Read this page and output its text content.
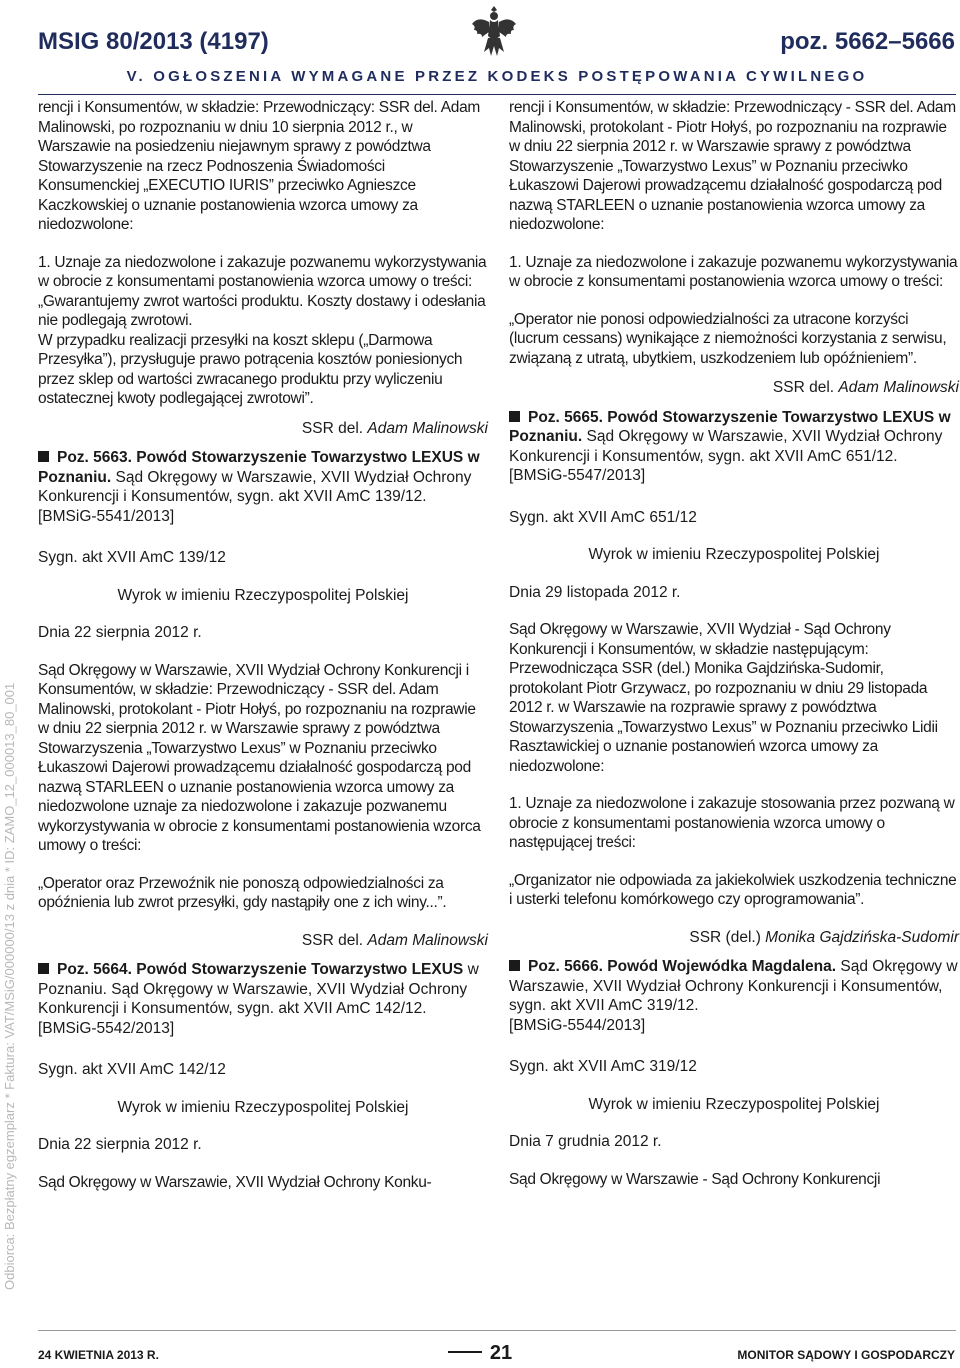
MSIG 80/2013 (4197)	poz. 5662–5666
V. OGŁOSZENIA WYMAGANE PRZEZ KODEKS POSTĘPOWANIA CYWILNEGO
Odbiorca: Bezpłatny egzemplarz * Faktura: VAT/MSiG/000000/13 z dnia * ID: ZAMO_12_000013_80_001

rencji i Konsumentów, w składzie: Przewodniczący: SSR del. Adam Malinowski, po rozpoznaniu w dniu 10 sierpnia 2012 r., w Warszawie na posiedzeniu niejawnym sprawy z powództwa Stowarzyszenie na rzecz Podnoszenia Świadomości Konsumenckiej „EXECUTIO IURIS” przeciwko Agnieszce Kaczkowskiej o uznanie postanowienia wzorca umowy za niedozwolone:

1. Uznaje za niedozwolone i zakazuje pozwanemu wykorzystywania w obrocie z konsumentami postanowienia wzorca umowy o treści:

„Gwarantujemy zwrot wartości produktu. Koszty dostawy i odesłania nie podlegają zwrotowi.

W przypadku realizacji przesyłki na koszt sklepu („Darmowa Przesyłka”), przysługuje prawo potrącenia kosztów poniesionych przez sklep od wartości zwracanego produktu przy wyliczeniu ostatecznej kwoty podlegającej zwrotowi”.

SSR del. Adam Malinowski

Poz. 5663. Powód Stowarzyszenie Towarzystwo LEXUS w Poznaniu. Sąd Okręgowy w Warszawie, XVII Wydział Ochrony Konkurencji i Konsumentów, sygn. akt XVII AmC 139/12.

[BMSiG-5541/2013]

Sygn. akt XVII AmC 139/12

Wyrok w imieniu Rzeczypospolitej Polskiej

Dnia 22 sierpnia 2012 r.

Sąd Okręgowy w Warszawie, XVII Wydział Ochrony Konkurencji i Konsumentów, w składzie: Przewodniczący - SSR del. Adam Malinowski, protokolant - Piotr Hołyś, po rozpoznaniu na rozprawie w dniu 22 sierpnia 2012 r. w Warszawie sprawy z powództwa Stowarzyszenia „Towarzystwo Lexus” w Poznaniu przeciwko Łukaszowi Dajerowi prowadzącemu działalność gospodarczą pod nazwą STARLEEN o uznanie postanowienia wzorca umowy za niedozwolone uznaje za niedozwolone i zakazuje pozwanemu wykorzystywania w obrocie z konsumentami postanowienia wzorca umowy o treści:

„Operator oraz Przewoźnik nie ponoszą odpowiedzialności za opóźnienia lub zwrot przesyłki, gdy nastąpiły one z ich winy...”.

SSR del. Adam Malinowski

Poz. 5664. Powód Stowarzyszenie Towarzystwo LEXUS w Poznaniu. Sąd Okręgowy w Warszawie, XVII Wydział Ochrony Konkurencji i Konsumentów, sygn. akt XVII AmC 142/12.

[BMSiG-5542/2013]

Sygn. akt XVII AmC 142/12

Wyrok w imieniu Rzeczypospolitej Polskiej

Dnia 22 sierpnia 2012 r.

Sąd Okręgowy w Warszawie, XVII Wydział Ochrony Konku-

rencji i Konsumentów, w składzie: Przewodniczący - SSR del. Adam Malinowski, protokolant - Piotr Hołyś, po rozpoznaniu na rozprawie w dniu 22 sierpnia 2012 r. w Warszawie sprawy z powództwa Stowarzyszenie „Towarzystwo Lexus” w Poznaniu przeciwko Łukaszowi Dajerowi prowadzącemu działalność gospodarczą pod nazwą STARLEEN o uznanie postanowienia wzorca umowy za niedozwolone:

1. Uznaje za niedozwolone i zakazuje pozwanemu wykorzystywania w obrocie z konsumentami postanowienia wzorca umowy o treści:

„Operator nie ponosi odpowiedzialności za utracone korzyści (lucrum cessans) wynikające z niemożności korzystania z serwisu, związaną z utratą, ubytkiem, uszkodzeniem lub opóźnieniem”.

SSR del. Adam Malinowski

Poz. 5665. Powód Stowarzyszenie Towarzystwo LEXUS w Poznaniu. Sąd Okręgowy w Warszawie, XVII Wydział Ochrony Konkurencji i Konsumentów, sygn. akt XVII AmC 651/12.

[BMSiG-5547/2013]

Sygn. akt XVII AmC 651/12

Wyrok w imieniu Rzeczypospolitej Polskiej

Dnia 29 listopada 2012 r.

Sąd Okręgowy w Warszawie, XVII Wydział - Sąd Ochrony Konkurencji i Konsumentów, w składzie następującym: Przewodnicząca SSR (del.) Monika Gajdzińska-Sudomir, protokolant Piotr Grzywacz, po rozpoznaniu w dniu 29 listopada 2012 r. w Warszawie na rozprawie sprawy z powództwa Stowarzyszenia „Towarzystwo Lexus” w Poznaniu przeciwko Lidii Rasztawickiej o uznanie postanowień wzorca umowy za niedozwolone:

1. Uznaje za niedozwolone i zakazuje stosowania przez pozwaną w obrocie z konsumentami postanowienia wzorca umowy o następującej treści:

„Organizator nie odpowiada za jakiekolwiek uszkodzenia techniczne i usterki telefonu komórkowego czy oprogramowania”.

SSR (del.) Monika Gajdzińska-Sudomir

Poz. 5666. Powód Wojewódka Magdalena. Sąd Okręgowy w Warszawie, XVII Wydział Ochrony Konkurencji i Konsumentów, sygn. akt XVII AmC 319/12.

[BMSiG-5544/2013]

Sygn. akt XVII AmC 319/12

Wyrok w imieniu Rzeczypospolitej Polskiej

Dnia 7 grudnia 2012 r.

Sąd Okręgowy w Warszawie - Sąd Ochrony Konkurencji

24 KWIETNIA 2013 R.	21	MONITOR SĄDOWY I GOSPODARCZY
